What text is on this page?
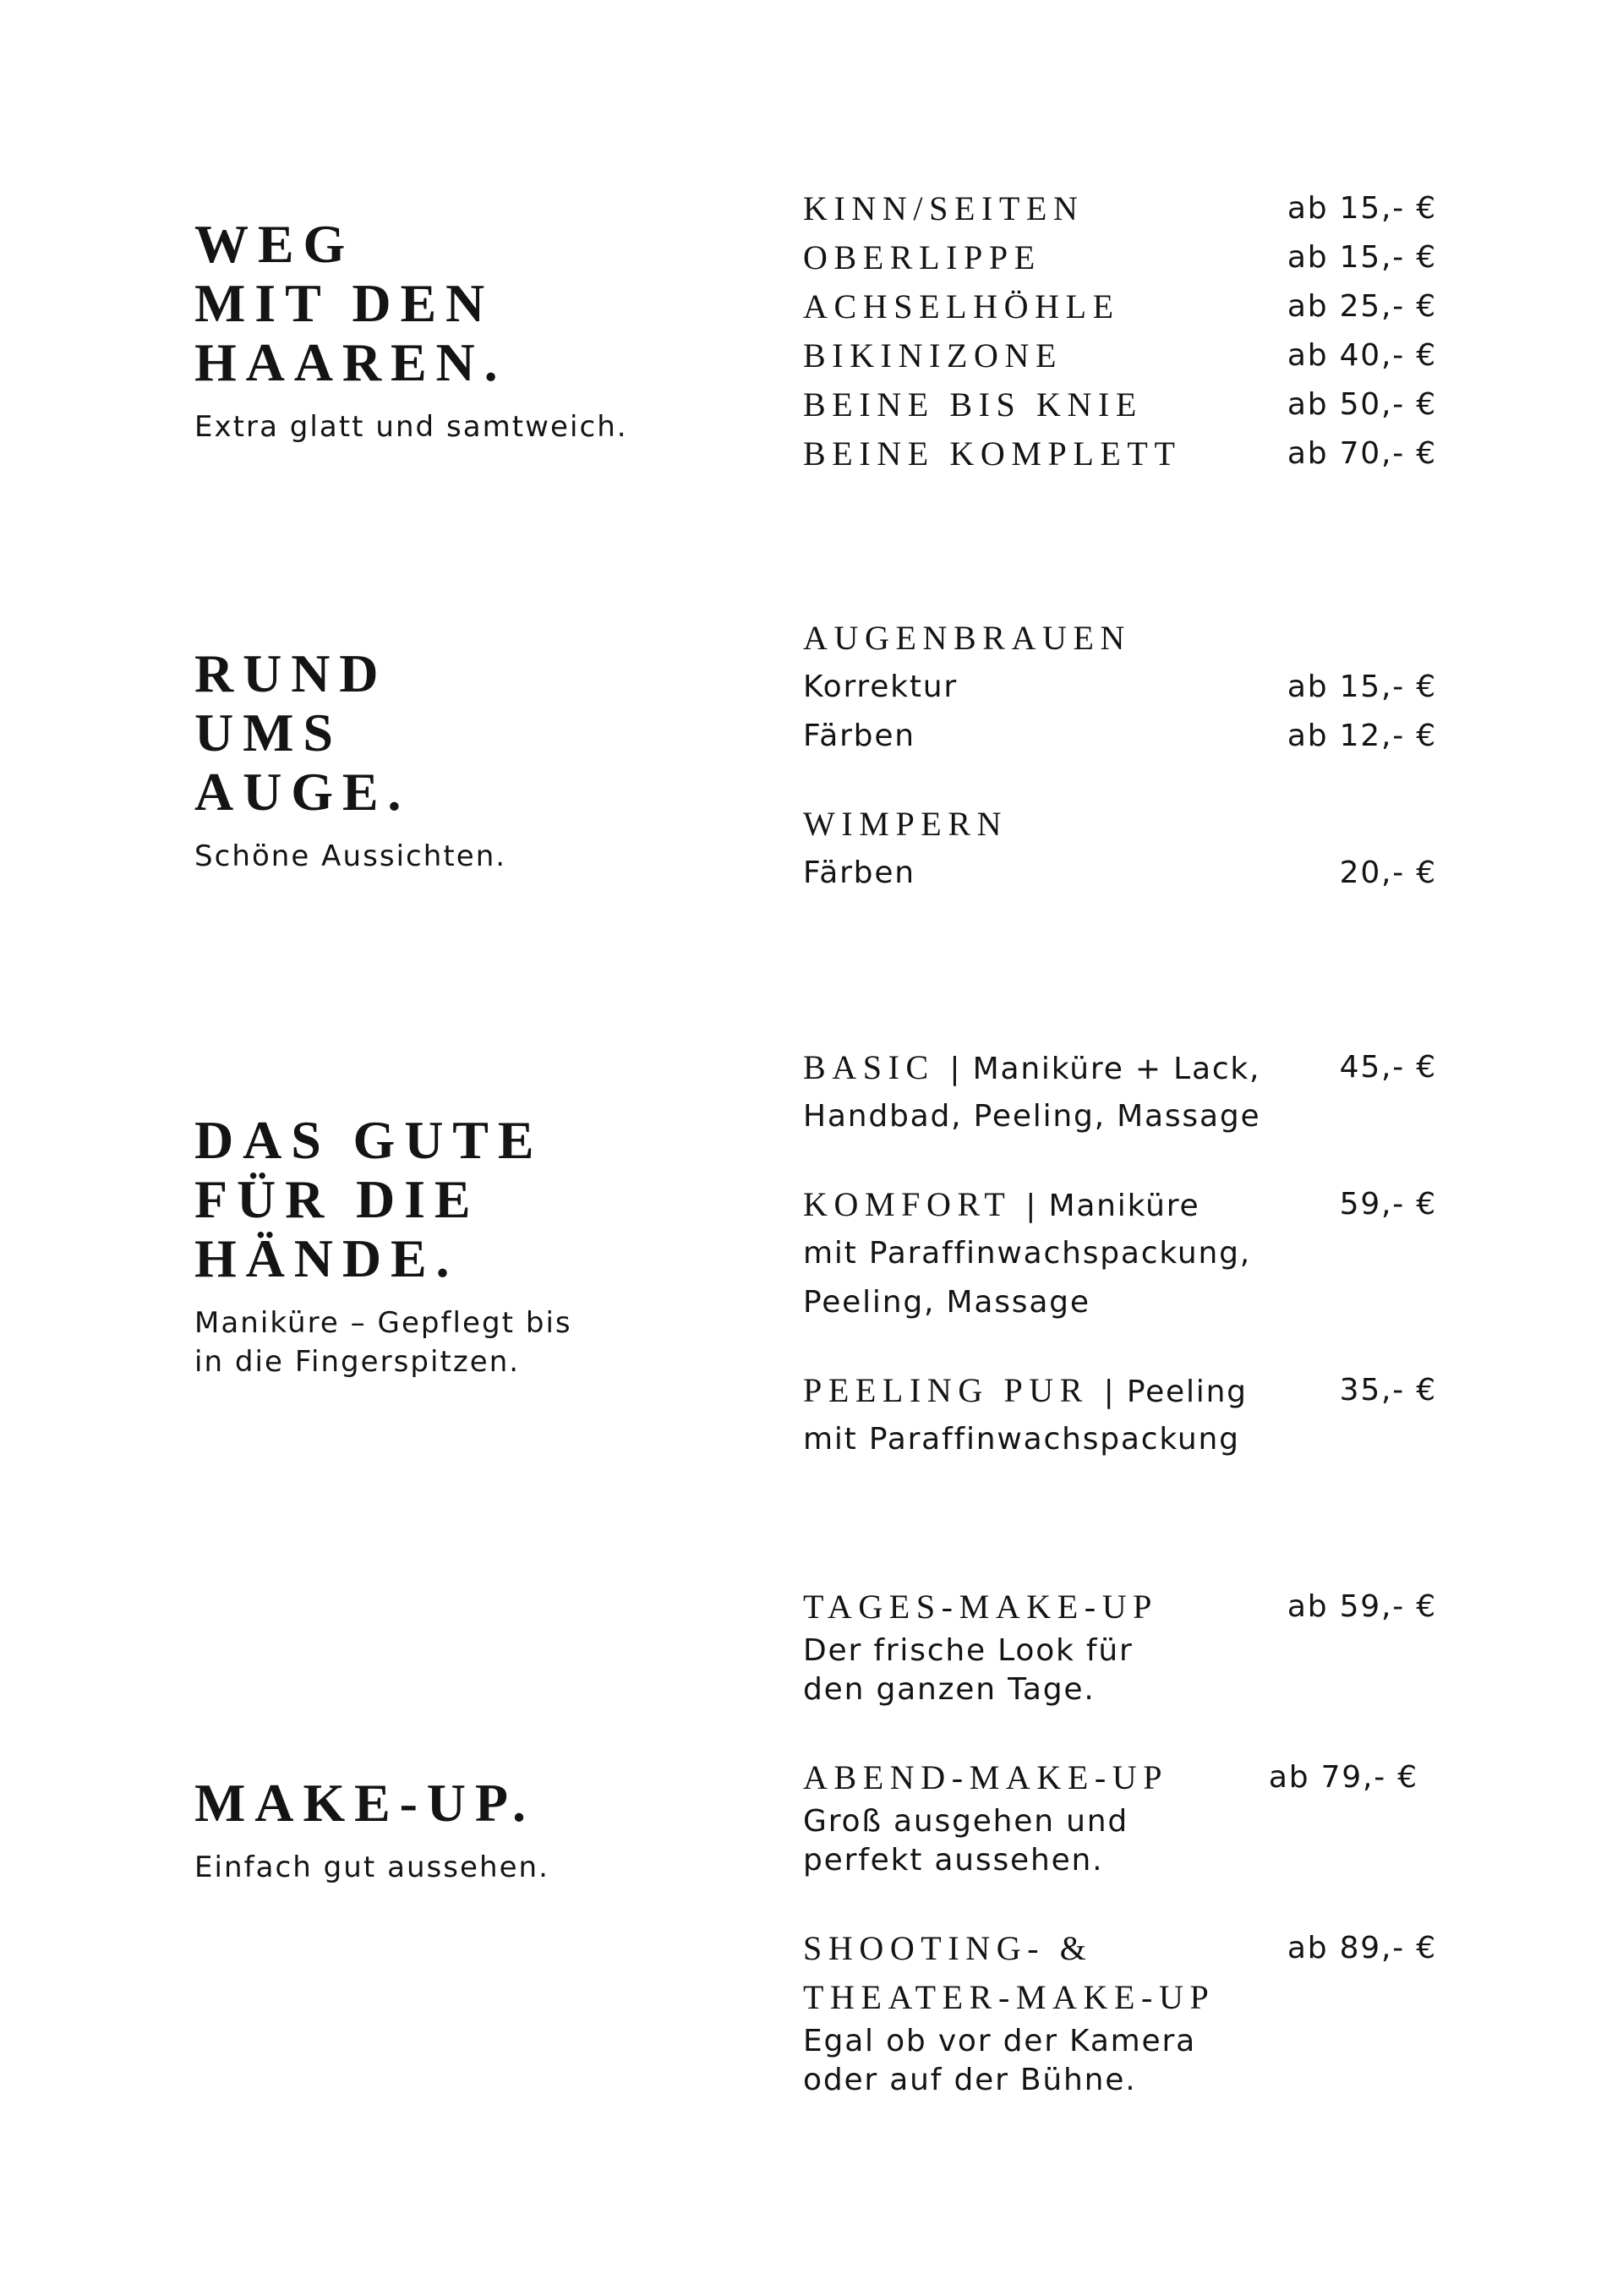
WEG
MIT DEN
HAAREN.
Extra glatt und samtweich.
KINN/SEITEN	ab 15,- €
OBERLIPPE	ab 15,- €
ACHSELHÖHLE	ab 25,- €
BIKINIZONE	ab 40,- €
BEINE BIS KNIE	ab 50,- €
BEINE KOMPLETT	ab 70,- €
RUND
UMS
AUGE.
Schöne Aussichten.
AUGENBRAUEN
Korrektur	ab 15,- €
Färben	ab 12,- €
WIMPERN
Färben	20,- €
DAS GUTE
FÜR DIE
HÄNDE.
Maniküre – Gepflegt bis
in die Fingerspitzen.
BASIC | Maniküre + Lack,	45,- €
Handbad, Peeling, Massage
KOMFORT | Maniküre	59,- €
mit Paraffinwachspackung,
Peeling, Massage
PEELING PUR | Peeling	35,- €
mit Paraffinwachspackung
MAKE-UP.
Einfach gut aussehen.
TAGES-MAKE-UP	ab 59,- €
Der frische Look für
den ganzen Tage.
ABEND-MAKE-UP	ab 79,- €
Groß ausgehen und
perfekt aussehen.
SHOOTING- &	ab 89,- €
THEATER-MAKE-UP
Egal ob vor der Kamera
oder auf der Bühne.
